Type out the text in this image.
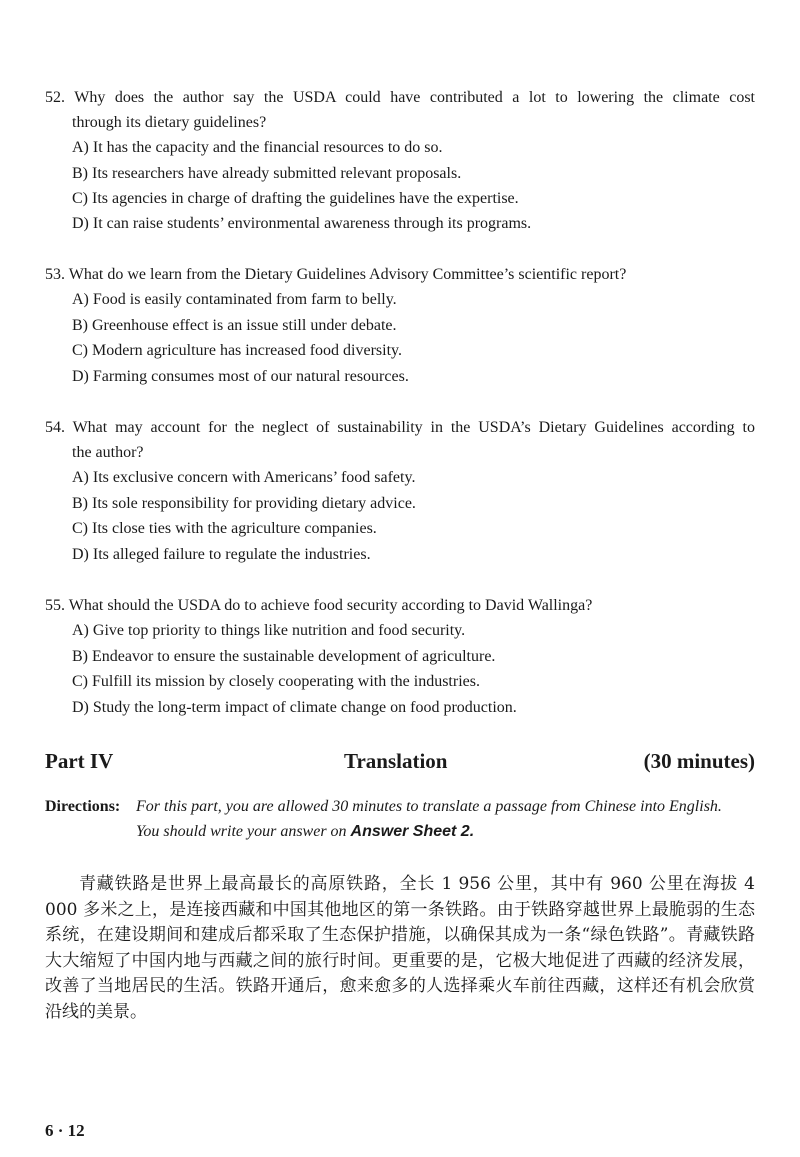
52. Why does the author say the USDA could have contributed a lot to lowering the climate cost
through its dietary guidelines?
A) It has the capacity and the financial resources to do so.
B) Its researchers have already submitted relevant proposals.
C) Its agencies in charge of drafting the guidelines have the expertise.
D) It can raise students’ environmental awareness through its programs.
53. What do we learn from the Dietary Guidelines Advisory Committee’s scientific report?
A) Food is easily contaminated from farm to belly.
B) Greenhouse effect is an issue still under debate.
C) Modern agriculture has increased food diversity.
D) Farming consumes most of our natural resources.
54. What may account for the neglect of sustainability in the USDA’s Dietary Guidelines according to
the author?
A) Its exclusive concern with Americans’ food safety.
B) Its sole responsibility for providing dietary advice.
C) Its close ties with the agriculture companies.
D) Its alleged failure to regulate the industries.
55. What should the USDA do to achieve food security according to David Wallinga?
A) Give top priority to things like nutrition and food security.
B) Endeavor to ensure the sustainable development of agriculture.
C) Fulfill its mission by closely cooperating with the industries.
D) Study the long-term impact of climate change on food production.
Part IV	Translation	(30 minutes)
Directions: For this part, you are allowed 30 minutes to translate a passage from Chinese into English.
You should write your answer on Answer Sheet 2.

青藏铁路是世界上最高最长的高原铁路，全长 1 956 公里，其中有 960 公里在海拔 4 000 多米之上，是连接西藏和中国其他地区的第一条铁路。由于铁路穿越世界上最脆弱的生态系统，在建设期间和建成后都采取了生态保护措施，以确保其成为一条“绿色铁路”。青藏铁路大大缩短了中国内地与西藏之间的旅行时间。更重要的是，它极大地促进了西藏的经济发展，改善了当地居民的生活。铁路开通后，愈来愈多的人选择乘火车前往西藏，这样还有机会欣赏沿线的美景。

6 · 12
